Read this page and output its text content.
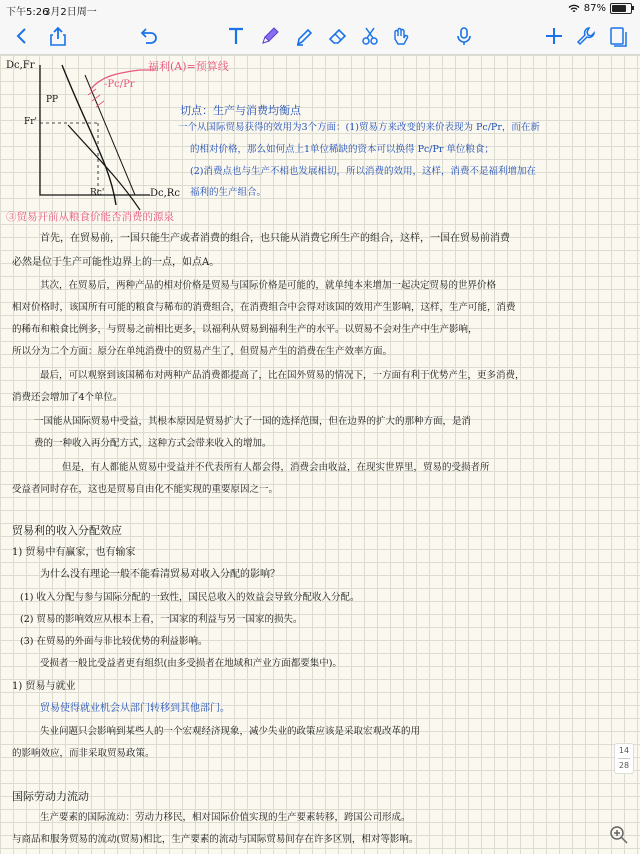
下午5:26
3月2日周一	87%
Dc,Fr
Dc,Rc
PP
Fr'
Rc'
-Pc/Pr
福利(A)=预算线
切点：生产与消费均衡点
一个从国际贸易获得的效用为3个方面：(1)贸易方来改变的来价表现为 Pc/Pr，而在新
的相对价格，那么如何点上1单位稀缺的资本可以换得 Pc/Pr 单位粮食；
(2)消费点也与生产不相也发展相切，所以消费的效用，这样，消费不是福利增加在
福利的生产组合。
③贸易开前从粮食价能否消费的源泉
首先，在贸易前，一国只能生产或者消费的组合，也只能从消费它所生产的组合，这样，一国在贸易前消费
必然是位于生产可能性边界上的一点，如点A。
其次，在贸易后，两种产品的相对价格是贸易与国际价格是可能的，就单纯本来增加一起决定贸易的世界价格
相对价格时，该国所有可能的粮食与稀布的消费组合，在消费组合中会得对该国的效用产生影响，这样，生产可能，消费
的稀布和粮食比例多，与贸易之前相比更多，以福利从贸易到福利生产的水平。以贸易不会对生产中生产影响，
所以分为二个方面：原分在单纯消费中的贸易产生了，但贸易产生的消费在生产效率方面。
最后，可以观察到该国稀布对两种产品消费都提高了，比在国外贸易的情况下，一方面有利于优势产生，更多消费，
消费还会增加了4个单位。
一国能从国际贸易中受益，其根本原因是贸易扩大了一国的选择范围，但在边界的扩大的那种方面，是消
费的一种收入再分配方式，这种方式会带来收入的增加。
但是，有人都能从贸易中受益并不代表所有人都会得，消费会由收益，在现实世界里，贸易的受损者所
受益者同时存在，这也是贸易自由化不能实现的重要原因之一。
贸易利的收入分配效应
1) 贸易中有赢家，也有输家
为什么没有理论一般不能看清贸易对收入分配的影响？
(1) 收入分配与参与国际分配的一致性，国民总收入的效益会导致分配收入分配。
(2) 贸易的影响效应从根本上看，一国家的利益与另一国家的损失。
(3) 在贸易的外面与非比较优势的利益影响。
受损者一般比受益者更有组织(由多受损者在地域和产业方面都要集中)。
1) 贸易与就业
贸易使得就业机会从部门转移到其他部门。
失业问题只会影响到某些人的一个宏观经济现象，减少失业的政策应该是采取宏观改革的用
的影响效应，而非采取贸易政策。
国际劳动力流动
生产要素的国际流动：劳动力移民，相对国际价值实现的生产要素转移，跨国公司形成。
与商品和服务贸易的流动(贸易)相比，生产要素的流动与国际贸易间存在许多区别，相对等影响。
14
28
